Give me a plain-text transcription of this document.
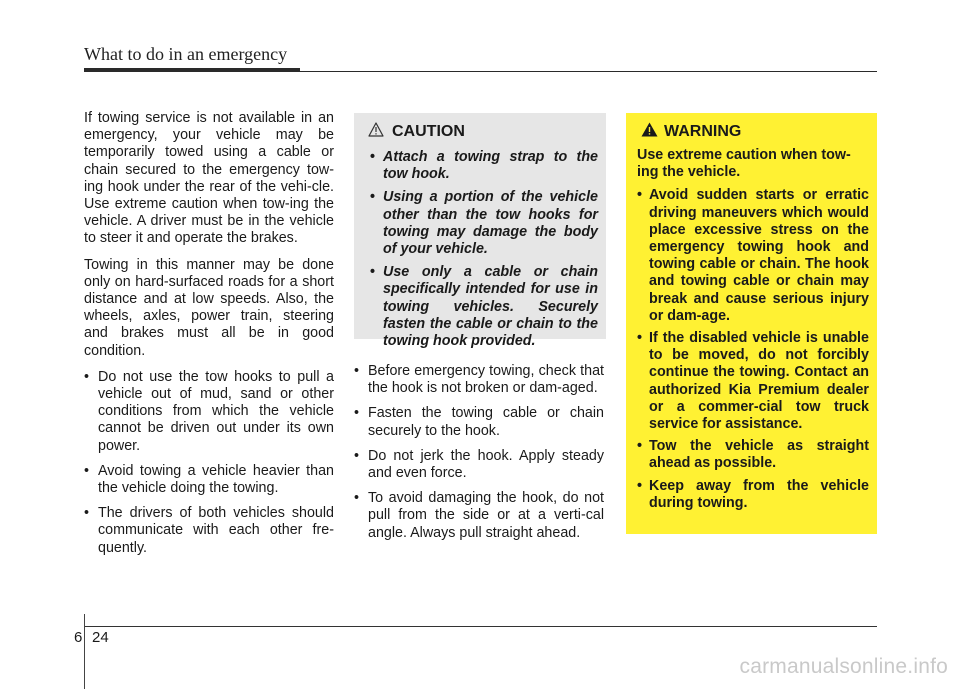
What to do in an emergency

If towing service is not available in an emergency, your vehicle may be temporarily towed using a cable or chain secured to the emergency tow-ing hook under the rear of the vehi-cle. Use extreme caution when tow-ing the vehicle. A driver must be in the vehicle to steer it and operate the brakes.

Towing in this manner may be done only on hard-surfaced roads for a short distance and at low speeds. Also, the wheels, axles, power train, steering and brakes must all be in good condition.

• Do not use the tow hooks to pull a vehicle out of mud, sand or other conditions from which the vehicle cannot be driven out under its own power.
• Avoid towing a vehicle heavier than the vehicle doing the towing.
• The drivers of both vehicles should communicate with each other fre-quently.
CAUTION
• Attach a towing strap to the tow hook.
• Using a portion of the vehicle other than the tow hooks for towing may damage the body of your vehicle.
• Use only a cable or chain specifically intended for use in towing vehicles. Securely fasten the cable or chain to the towing hook provided.
• Before emergency towing, check that the hook is not broken or dam-aged.
• Fasten the towing cable or chain securely to the hook.
• Do not jerk the hook. Apply steady and even force.
• To avoid damaging the hook, do not pull from the side or at a verti-cal angle. Always pull straight ahead.
WARNING

Use extreme caution when tow-ing the vehicle.

• Avoid sudden starts or erratic driving maneuvers which would place excessive stress on the emergency towing hook and towing cable or chain. The hook and towing cable or chain may break and cause serious injury or dam-age.
• If the disabled vehicle is unable to be moved, do not forcibly continue the towing. Contact an authorized Kia Premium dealer or a commer-cial tow truck service for assistance.
• Tow the vehicle as straight ahead as possible.
• Keep away from the vehicle during towing.
6 24
carmanualsonline.info
